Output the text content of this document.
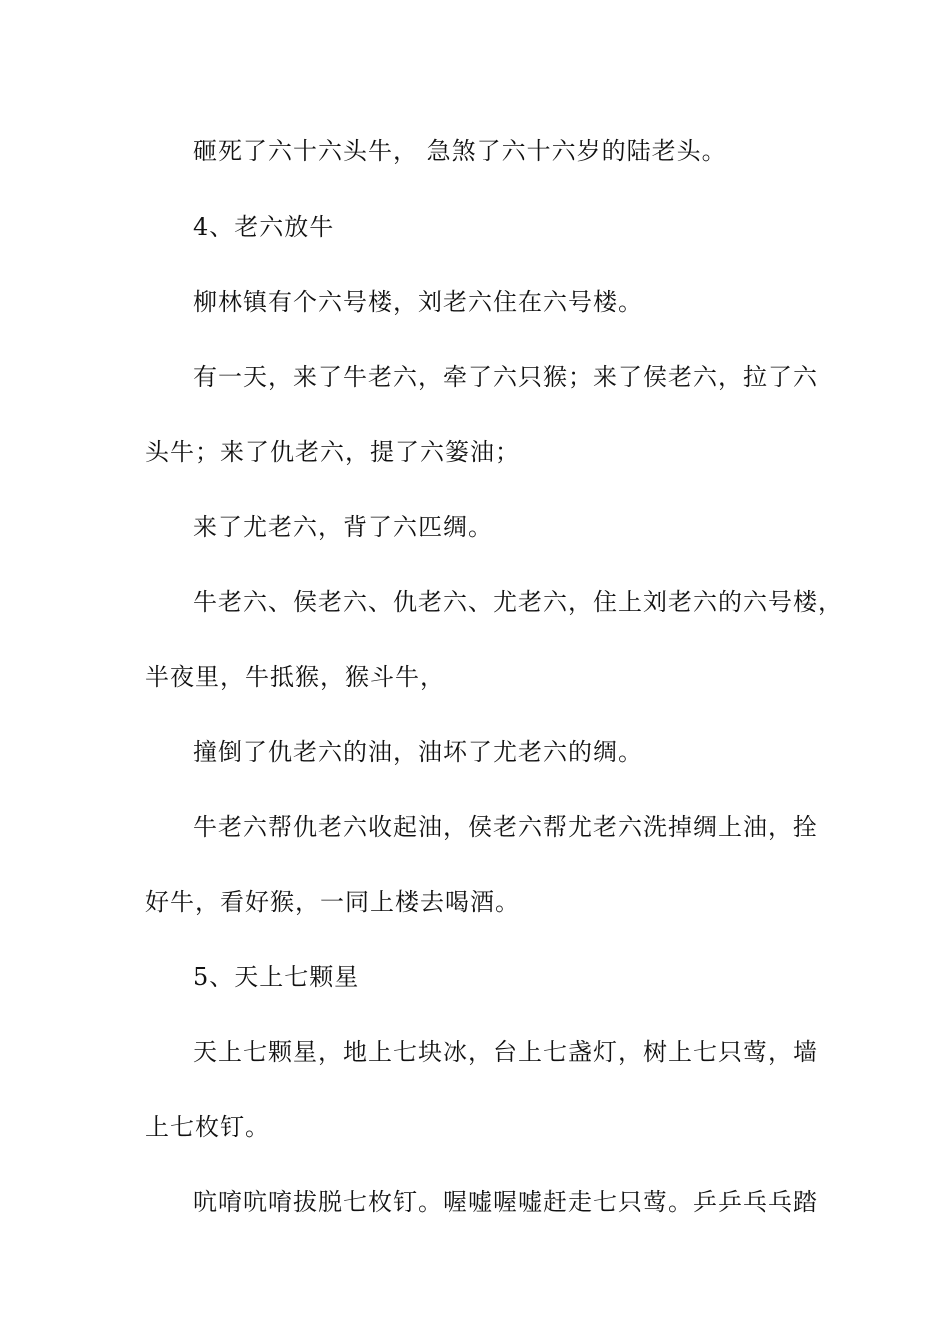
砸死了六十六头牛， 急煞了六十六岁的陆老头。
4、老六放牛
柳林镇有个六号楼，刘老六住在六号楼。
有一天，来了牛老六，牵了六只猴；来了侯老六，拉了六
头牛；来了仇老六，提了六篓油；
来了尤老六，背了六匹绸。
牛老六、侯老六、仇老六、尤老六，住上刘老六的六号楼，
半夜里，牛抵猴，猴斗牛，
撞倒了仇老六的油，油坏了尤老六的绸。
牛老六帮仇老六收起油，侯老六帮尤老六洗掉绸上油，拴
好牛，看好猴，一同上楼去喝酒。
5、天上七颗星
天上七颗星，地上七块冰，台上七盏灯，树上七只莺，墙
上七枚钉。
吭唷吭唷拔脱七枚钉。喔嘘喔嘘赶走七只莺。乒乒乓乓踏
